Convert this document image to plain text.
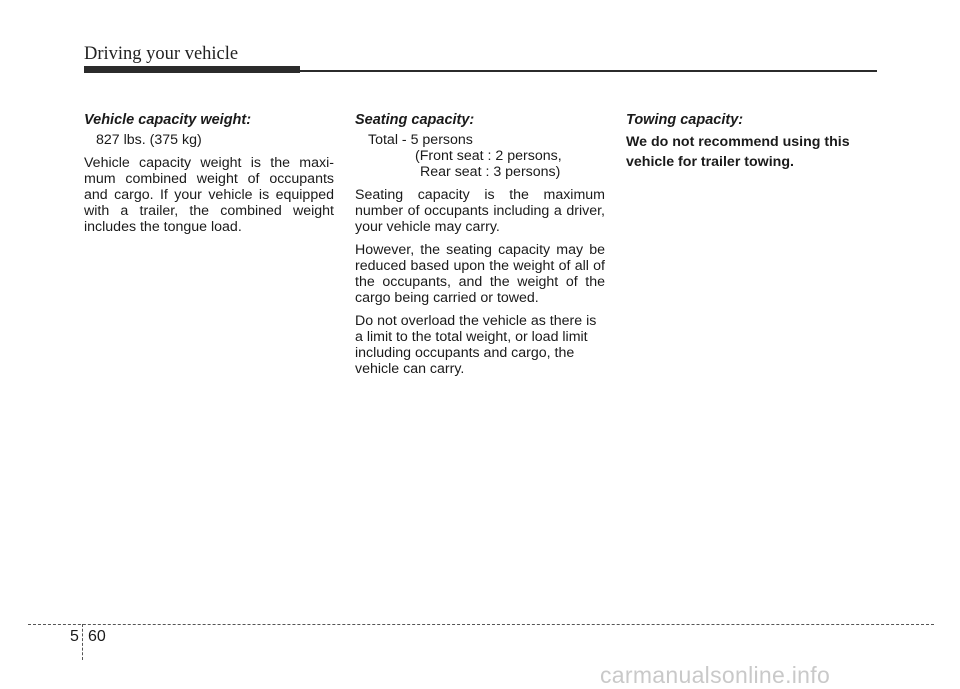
Driving your vehicle
Vehicle capacity weight:
827 lbs. (375 kg)

Vehicle capacity weight is the maxi-mum combined weight of occupants and cargo. If your vehicle is equipped with a trailer, the combined weight includes the tongue load.

Seating capacity:
Total - 5 persons
(Front seat : 2 persons,
Rear seat : 3 persons)

Seating capacity is the maximum number of occupants including a driver, your vehicle may carry.

However, the seating capacity may be reduced based upon the weight of all of the occupants, and the weight of the cargo being carried or towed.

Do not overload the vehicle as there is a limit to the total weight, or load limit including occupants and cargo, the vehicle can carry.

Towing capacity:

We do not recommend using this vehicle for trailer towing.

5 60
carmanualsonline.info
